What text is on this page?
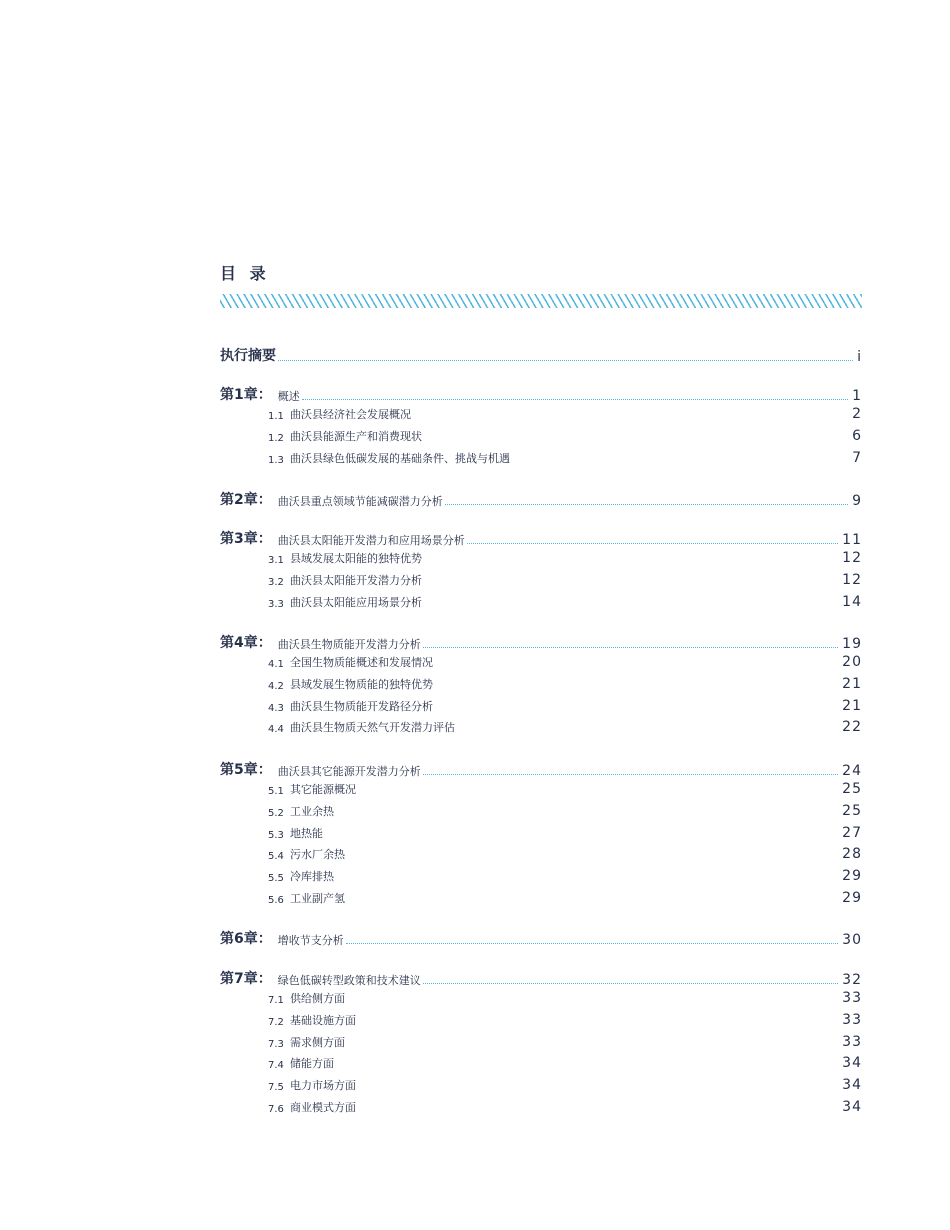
目 录
执行摘要	i
第1章： 概述	1
1.1 曲沃县经济社会发展概况	2
1.2 曲沃县能源生产和消费现状	6
1.3 曲沃县绿色低碳发展的基础条件、挑战与机遇	7
第2章： 曲沃县重点领域节能减碳潜力分析	9
第3章： 曲沃县太阳能开发潜力和应用场景分析	11
3.1 县域发展太阳能的独特优势	12
3.2 曲沃县太阳能开发潜力分析	12
3.3 曲沃县太阳能应用场景分析	14
第4章： 曲沃县生物质能开发潜力分析	19
4.1 全国生物质能概述和发展情况	20
4.2 县域发展生物质能的独特优势	21
4.3 曲沃县生物质能开发路径分析	21
4.4 曲沃县生物质天然气开发潜力评估	22
第5章： 曲沃县其它能源开发潜力分析	24
5.1 其它能源概况	25
5.2 工业余热	25
5.3 地热能	27
5.4 污水厂余热	28
5.5 冷库排热	29
5.6 工业副产氢	29
第6章： 增收节支分析	30
第7章： 绿色低碳转型政策和技术建议	32
7.1 供给侧方面	33
7.2 基础设施方面	33
7.3 需求侧方面	33
7.4 储能方面	34
7.5 电力市场方面	34
7.6 商业模式方面	34
